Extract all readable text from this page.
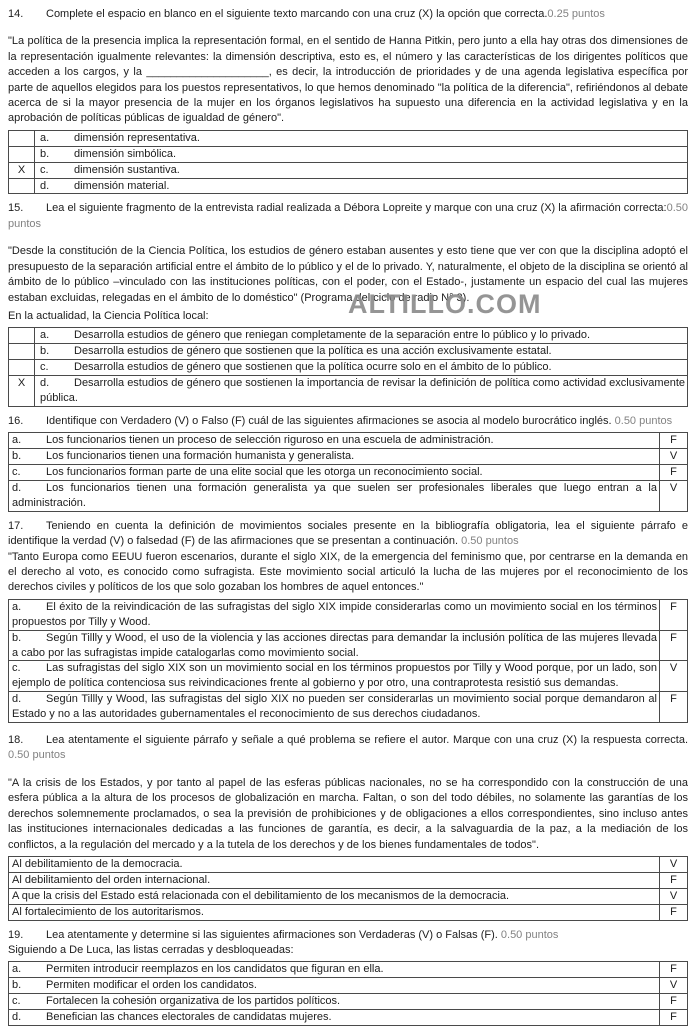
14. Complete el espacio en blanco en el siguiente texto marcando con una cruz (X) la opción que correcta.0.25 puntos

"La política de la presencia implica la representación formal, en el sentido de Hanna Pitkin, pero junto a ella hay otras dos dimensiones de la representación igualmente relevantes: la dimensión descriptiva, esto es, el número y las características de los dirigentes políticos que acceden a los cargos, y la ____________________, es decir, la introducción de prioridades y de una agenda legislativa específica por parte de aquellos elegidos para los puestos representativos, lo que hemos denominado "la política de la diferencia", refiriéndonos al debate acerca de si la mayor presencia de la mujer en los órganos legislativos ha supuesto una diferencia en la actividad legislativa y en la aprobación de políticas públicas de igualdad de género".

	a. dimensión representativa.
	b. dimensión simbólica.
X	c. dimensión sustantiva.
	d. dimensión material.

15. Lea el siguiente fragmento de la entrevista radial realizada a Débora Lopreite y marque con una cruz (X) la afirmación correcta:0.50 puntos

"Desde la constitución de la Ciencia Política, los estudios de género estaban ausentes y esto tiene que ver con que la disciplina adoptó el presupuesto de la separación artificial entre el ámbito de lo público y el de lo privado. Y, naturalmente, el objeto de la disciplina se orientó al ámbito de lo público –vinculado con las instituciones políticas, con el poder, con el Estado-, justamente un espacio del cual las mujeres estaban excluidas, relegadas en el ámbito de lo doméstico" (Programa del ciclo de radio N° 3).

En la actualidad, la Ciencia Política local:

	a. Desarrolla estudios de género que reniegan completamente de la separación entre lo público y lo privado.
	b. Desarrolla estudios de género que sostienen que la política es una acción exclusivamente estatal.
	c. Desarrolla estudios de género que sostienen que la política ocurre solo en el ámbito de lo público.
X	d. Desarrolla estudios de género que sostienen la importancia de revisar la definición de política como actividad exclusivamente pública.

16. Identifique con Verdadero (V) o Falso (F) cuál de las siguientes afirmaciones se asocia al modelo burocrático inglés. 0.50 puntos

a. Los funcionarios tienen un proceso de selección riguroso en una escuela de administración.	F
b. Los funcionarios tienen una formación humanista y generalista.	V
c. Los funcionarios forman parte de una elite social que les otorga un reconocimiento social.	F
d. Los funcionarios tienen una formación generalista ya que suelen ser profesionales liberales que luego entran a la administración.	V

17. Teniendo en cuenta la definición de movimientos sociales presente en la bibliografía obligatoria, lea el siguiente párrafo e identifique la verdad (V) o falsedad (F) de las afirmaciones que se presentan a continuación. 0.50 puntos

"Tanto Europa como EEUU fueron escenarios, durante el siglo XIX, de la emergencia del feminismo que, por centrarse en la demanda en el derecho al voto, es conocido como sufragista. Este movimiento social articuló la lucha de las mujeres por el reconocimiento de los derechos civiles y políticos de los que solo gozaban los hombres de aquel entonces."

a. El éxito de la reivindicación de las sufragistas del siglo XIX impide considerarlas como un movimiento social en los términos propuestos por Tilly y Wood.	F
b. Según Tillly y Wood, el uso de la violencia y las acciones directas para demandar la inclusión política de las mujeres llevada a cabo por las sufragistas impide catalogarlas como movimiento social.	F
c. Las sufragistas del siglo XIX son un movimiento social en los términos propuestos por Tilly y Wood porque, por un lado, son ejemplo de política contenciosa sus reivindicaciones frente al gobierno y por otro, una contraprotesta resistió sus demandas.	V
d. Según Tillly y Wood, las sufragistas del siglo XIX no pueden ser considerarlas un movimiento social porque demandaron al Estado y no a las autoridades gubernamentales el reconocimiento de sus derechos ciudadanos.	F

18. Lea atentamente el siguiente párrafo y señale a qué problema se refiere el autor. Marque con una cruz (X) la respuesta correcta. 0.50 puntos

"A la crisis de los Estados, y por tanto al papel de las esferas públicas nacionales, no se ha correspondido con la construcción de una esfera pública a la altura de los procesos de globalización en marcha. Faltan, o son del todo débiles, no solamente las garantías de los derechos solemnemente proclamados, o sea la previsión de prohibiciones y de obligaciones a ellos correspondientes, sino incluso antes las instituciones internacionales dedicadas a las funciones de garantía, es decir, a la salvaguardia de la paz, a la mediación de los conflictos, a la regulación del mercado y a la tutela de los derechos y de los bienes fundamentales de todos".

Al debilitamiento de la democracia.	V
Al debilitamiento del orden internacional.	F
A que la crisis del Estado está relacionada con el debilitamiento de los mecanismos de la democracia.	V
Al fortalecimiento de los autoritarismos.	F

19. Lea atentamente y determine si las siguientes afirmaciones son Verdaderas (V) o Falsas (F). 0.50 puntos

Siguiendo a De Luca, las listas cerradas y desbloqueadas:

a. Permiten introducir reemplazos en los candidatos que figuran en ella.	F
b. Permiten modificar el orden los candidatos.	V
c. Fortalecen la cohesión organizativa de los partidos políticos.	F
d. Benefician las chances electorales de candidatas mujeres.	F
ALTILLO.COM
